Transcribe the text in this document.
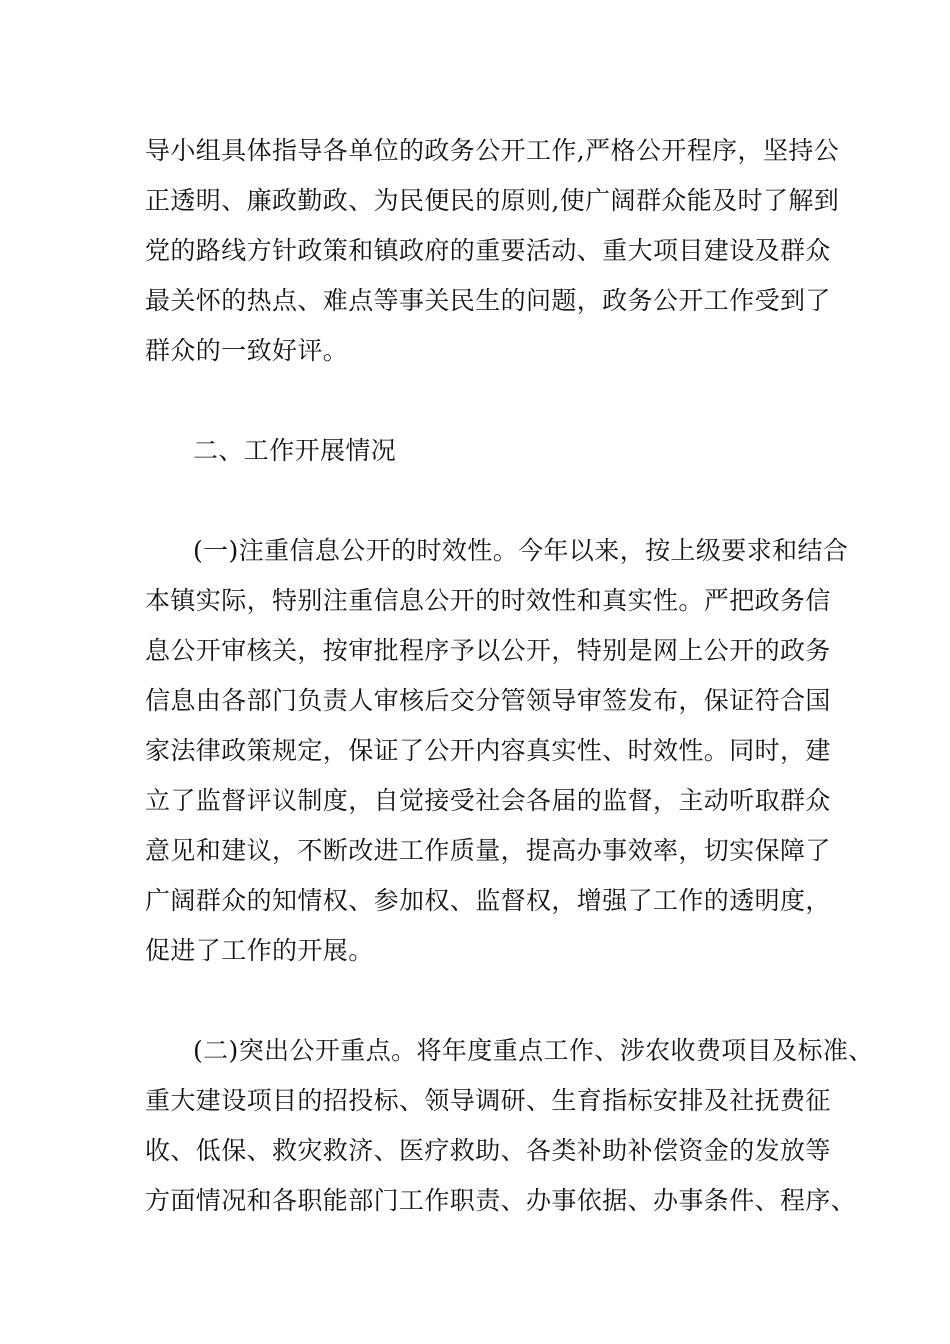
导小组具体指导各单位的政务公开工作,严格公开程序，坚持公
正透明、廉政勤政、为民便民的原则,使广阔群众能及时了解到
党的路线方针政策和镇政府的重要活动、重大项目建设及群众
最关怀的热点、难点等事关民生的问题，政务公开工作受到了
群众的一致好评。
二、工作开展情况
(一)注重信息公开的时效性。今年以来，按上级要求和结合
本镇实际，特别注重信息公开的时效性和真实性。严把政务信
息公开审核关，按审批程序予以公开，特别是网上公开的政务
信息由各部门负责人审核后交分管领导审签发布，保证符合国
家法律政策规定，保证了公开内容真实性、时效性。同时，建
立了监督评议制度，自觉接受社会各届的监督，主动听取群众
意见和建议，不断改进工作质量，提高办事效率，切实保障了
广阔群众的知情权、参加权、监督权，增强了工作的透明度，
促进了工作的开展。
(二)突出公开重点。将年度重点工作、涉农收费项目及标准、
重大建设项目的招投标、领导调研、生育指标安排及社抚费征
收、低保、救灾救济、医疗救助、各类补助补偿资金的发放等
方面情况和各职能部门工作职责、办事依据、办事条件、程序、
